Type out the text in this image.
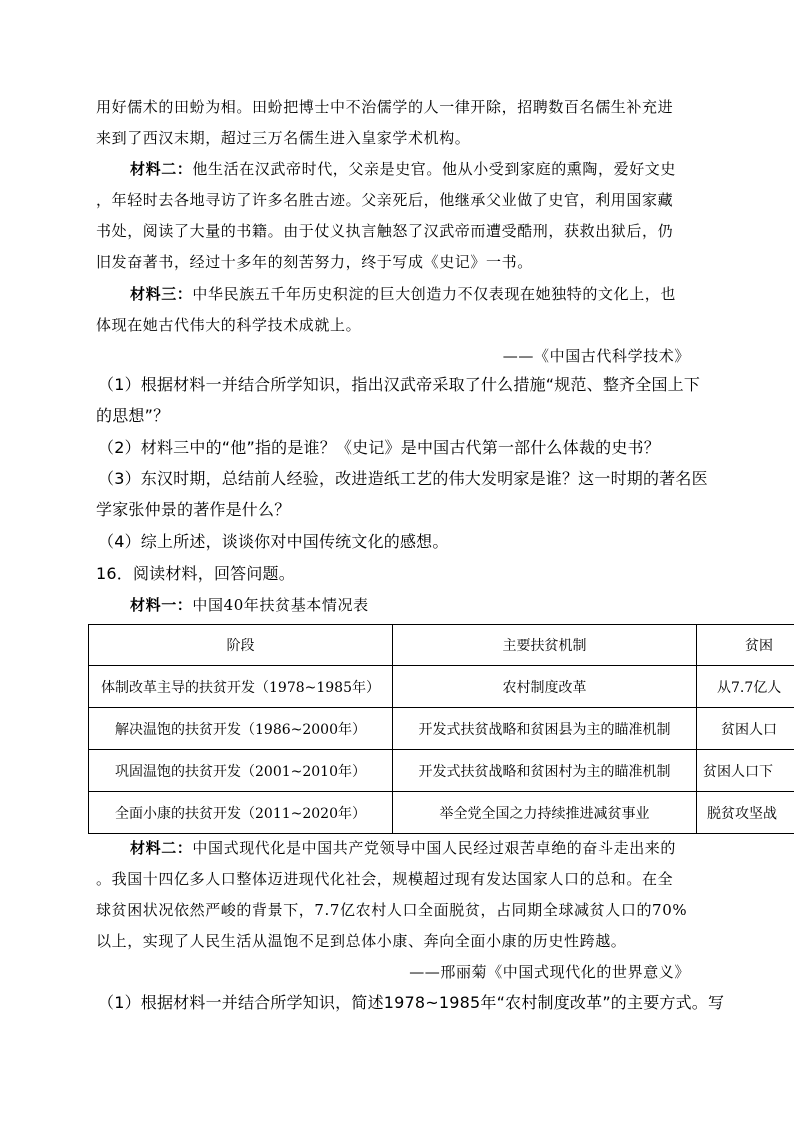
用好儒术的田蚡为相。田蚡把博士中不治儒学的人一律开除，招聘数百名儒生补充进
来到了西汉末期，超过三万名儒生进入皇家学术机构。
材料二：他生活在汉武帝时代，父亲是史官。他从小受到家庭的熏陶，爱好文史
，年轻时去各地寻访了许多名胜古迹。父亲死后，他继承父业做了史官，利用国家藏
书处，阅读了大量的书籍。由于仗义执言触怒了汉武帝而遭受酷刑，获救出狱后，仍
旧发奋著书，经过十多年的刻苦努力，终于写成《史记》一书。
材料三：中华民族五千年历史积淀的巨大创造力不仅表现在她独特的文化上，也
体现在她古代伟大的科学技术成就上。
——《中国古代科学技术》
（1）根据材料一并结合所学知识，指出汉武帝采取了什么措施“规范、整齐全国上下
的思想”？
（2）材料三中的“他”指的是谁？《史记》是中国古代第一部什么体裁的史书？
（3）东汉时期，总结前人经验，改进造纸工艺的伟大发明家是谁？这一时期的著名医
学家张仲景的著作是什么？
（4）综上所述，谈谈你对中国传统文化的感想。
16．阅读材料，回答问题。
材料一：中国40年扶贫基本情况表
阶段	主要扶贫机制	贫困
体制改革主导的扶贫开发（1978~1985年）	农村制度改革	从7.7亿人
解决温饱的扶贫开发（1986~2000年）	开发式扶贫战略和贫困县为主的瞄准机制	贫困人口
巩固温饱的扶贫开发（2001~2010年）	开发式扶贫战略和贫困村为主的瞄准机制	贫困人口下
全面小康的扶贫开发（2011~2020年）	举全党全国之力持续推进减贫事业	脱贫攻坚战
材料二：中国式现代化是中国共产党领导中国人民经过艰苦卓绝的奋斗走出来的
。我国十四亿多人口整体迈进现代化社会，规模超过现有发达国家人口的总和。在全
球贫困状况依然严峻的背景下，7.7亿农村人口全面脱贫，占同期全球减贫人口的70%
以上，实现了人民生活从温饱不足到总体小康、奔向全面小康的历史性跨越。
——邢丽菊《中国式现代化的世界意义》
（1）根据材料一并结合所学知识，简述1978~1985年“农村制度改革”的主要方式。写
